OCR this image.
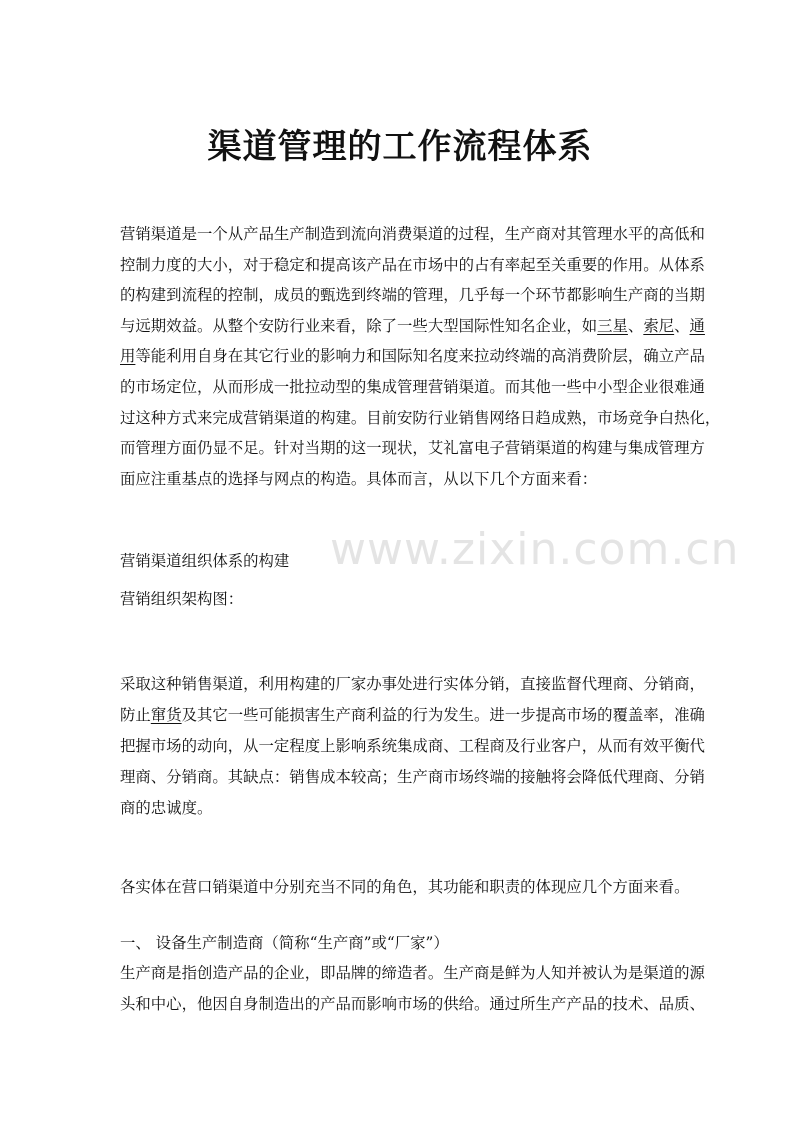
www.zixin.com.cn
渠道管理的工作流程体系
营销渠道是一个从产品生产制造到流向消费渠道的过程，生产商对其管理水平的高低和
控制力度的大小，对于稳定和提高该产品在市场中的占有率起至关重要的作用。从体系
的构建到流程的控制，成员的甄选到终端的管理，几乎每一个环节都影响生产商的当期
与远期效益。从整个安防行业来看，除了一些大型国际性知名企业，如三星、索尼、通
用等能利用自身在其它行业的影响力和国际知名度来拉动终端的高消费阶层，确立产品
的市场定位，从而形成一批拉动型的集成管理营销渠道。而其他一些中小型企业很难通
过这种方式来完成营销渠道的构建。目前安防行业销售网络日趋成熟，市场竞争白热化，
而管理方面仍显不足。针对当期的这一现状，艾礼富电子营销渠道的构建与集成管理方
面应注重基点的选择与网点的构造。具体而言，从以下几个方面来看：

营销渠道组织体系的构建

营销组织架构图：

采取这种销售渠道，利用构建的厂家办事处进行实体分销，直接监督代理商、分销商，
防止窜货及其它一些可能损害生产商利益的行为发生。进一步提高市场的覆盖率，准确
把握市场的动向，从一定程度上影响系统集成商、工程商及行业客户，从而有效平衡代
理商、分销商。其缺点：销售成本较高；生产商市场终端的接触将会降低代理商、分销
商的忠诚度。

各实体在营口销渠道中分别充当不同的角色，其功能和职责的体现应几个方面来看。

一、 设备生产制造商（简称“生产商”或“厂家”）

生产商是指创造产品的企业，即品牌的缔造者。生产商是鲜为人知并被认为是渠道的源
头和中心，他因自身制造出的产品而影响市场的供给。通过所生产产品的技术、品质、
